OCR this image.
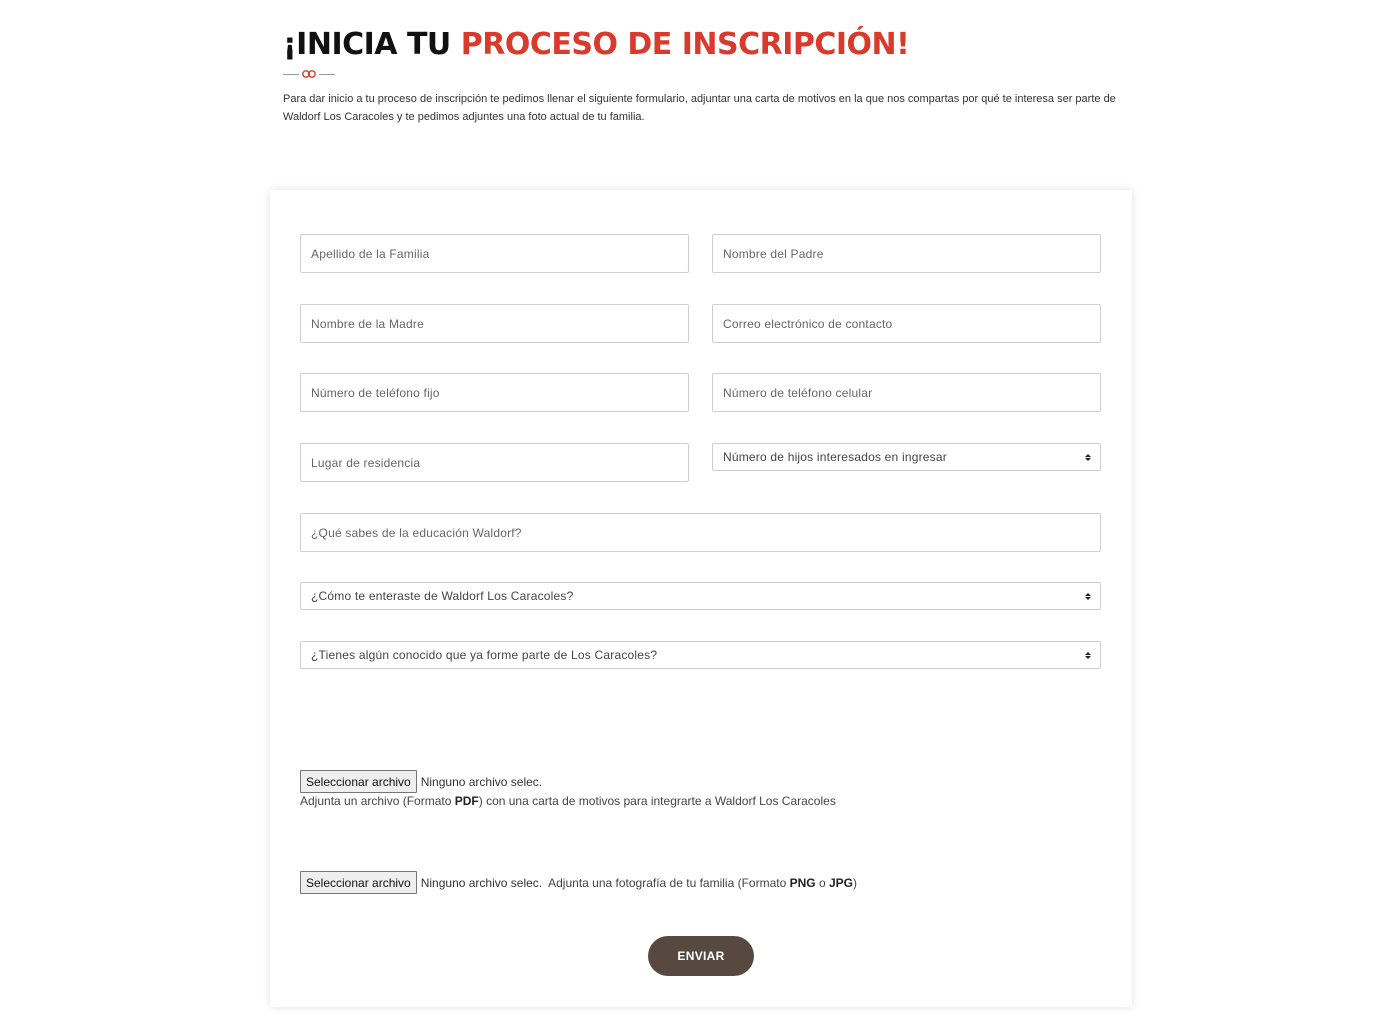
¡INICIA TU PROCESO DE INSCRIPCIÓN!

Para dar inicio a tu proceso de inscripción te pedimos llenar el siguiente formulario, adjuntar una carta de motivos en la que nos compartas por qué te interesa ser parte de Waldorf Los Caracoles y te pedimos adjuntes una foto actual de tu familia.

Apellido de la Familia	Nombre del Padre
Nombre de la Madre	Correo electrónico de contacto
Número de teléfono fijo	Número de teléfono celular
Lugar de residencia	Número de hijos interesados en ingresar
¿Qué sabes de la educación Waldorf?
¿Cómo te enteraste de Waldorf Los Caracoles?
¿Tienes algún conocido que ya forme parte de Los Caracoles?
Seleccionar archivo Ninguno archivo selec.
Adjunta un archivo (Formato PDF) con una carta de motivos para integrarte a Waldorf Los Caracoles
Seleccionar archivo Ninguno archivo selec. Adjunta una fotografía de tu familia (Formato PNG o JPG)
ENVIAR
